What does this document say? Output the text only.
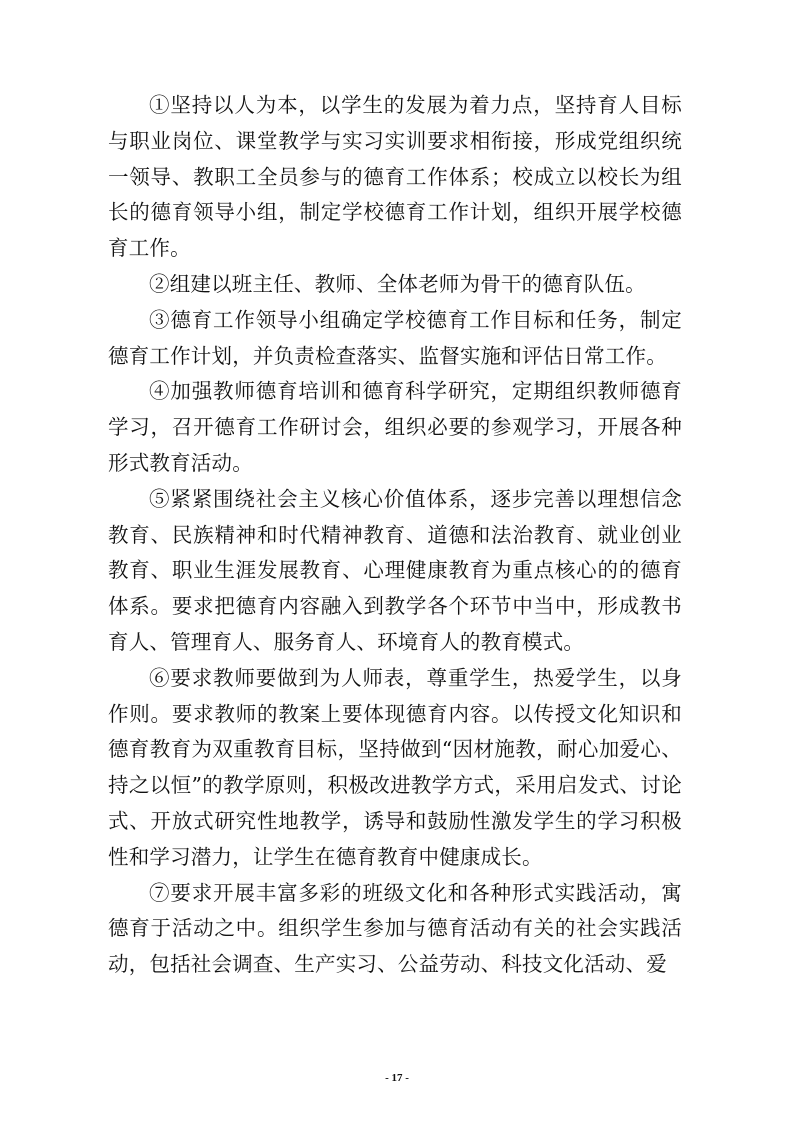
①坚持以人为本，以学生的发展为着力点，坚持育人目标与职业岗位、课堂教学与实习实训要求相衔接，形成党组织统一领导、教职工全员参与的德育工作体系；校成立以校长为组长的德育领导小组，制定学校德育工作计划，组织开展学校德育工作。

②组建以班主任、教师、全体老师为骨干的德育队伍。

③德育工作领导小组确定学校德育工作目标和任务，制定德育工作计划，并负责检查落实、监督实施和评估日常工作。

④加强教师德育培训和德育科学研究，定期组织教师德育学习，召开德育工作研讨会，组织必要的参观学习，开展各种形式教育活动。

⑤紧紧围绕社会主义核心价值体系，逐步完善以理想信念教育、民族精神和时代精神教育、道德和法治教育、就业创业教育、职业生涯发展教育、心理健康教育为重点核心的的德育体系。要求把德育内容融入到教学各个环节中当中，形成教书育人、管理育人、服务育人、环境育人的教育模式。

⑥要求教师要做到为人师表，尊重学生，热爱学生，以身作则。要求教师的教案上要体现德育内容。以传授文化知识和德育教育为双重教育目标，坚持做到“因材施教，耐心加爱心、持之以恒”的教学原则，积极改进教学方式，采用启发式、讨论式、开放式研究性地教学，诱导和鼓励性激发学生的学习积极性和学习潜力，让学生在德育教育中健康成长。

⑦要求开展丰富多彩的班级文化和各种形式实践活动，寓德育于活动之中。组织学生参加与德育活动有关的社会实践活动，包括社会调查、生产实习、公益劳动、科技文化活动、爱

- 17 -
